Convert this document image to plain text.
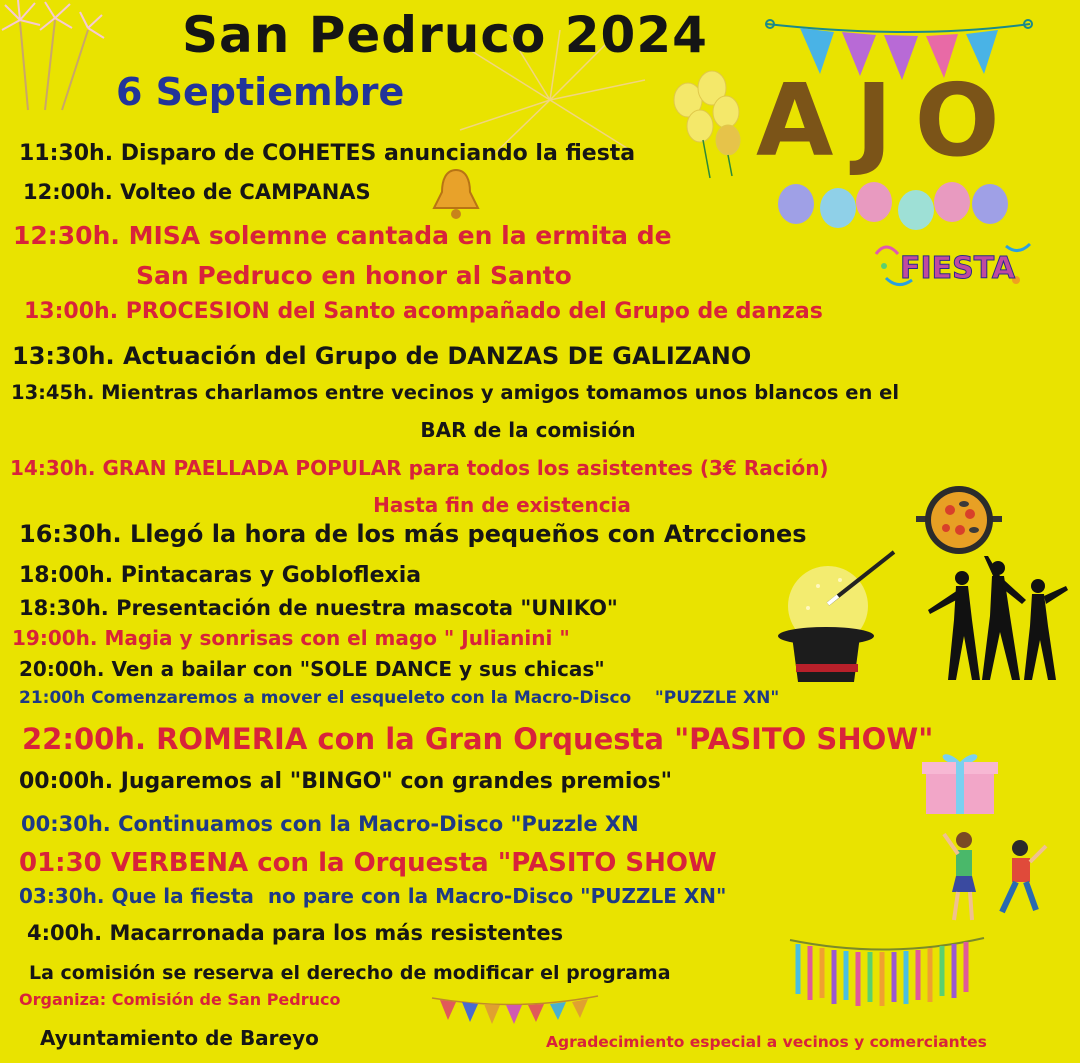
San Pedruco 2024
6 Septiembre	AJO
FIESTA
11:30h. Disparo de COHETES anunciando la fiesta
12:00h. Volteo de CAMPANAS
12:30h. MISA solemne cantada en la ermita de
San Pedruco en honor al Santo
13:00h. PROCESION del Santo acompañado del Grupo de danzas
13:30h. Actuación del Grupo de DANZAS DE GALIZANO
13:45h. Mientras charlamos entre vecinos y amigos tomamos unos blancos en el
BAR de la comisión
14:30h. GRAN PAELLADA POPULAR para todos los asistentes (3€ Ración)
Hasta fin de existencia
16:30h. Llegó la hora de los más pequeños con Atrcciones
18:00h. Pintacaras y Gobloflexia
18:30h. Presentación de nuestra mascota "UNIKO"
19:00h. Magia y sonrisas con el mago " Julianini "
20:00h. Ven a bailar con "SOLE DANCE y sus chicas"
21:00h Comenzaremos a mover el esqueleto con la Macro-Disco    "PUZZLE XN"
22:00h. ROMERIA con la Gran Orquesta "PASITO SHOW"
00:00h. Jugaremos al "BINGO" con grandes premios"
00:30h. Continuamos con la Macro-Disco "Puzzle XN
01:30 VERBENA con la Orquesta "PASITO SHOW
03:30h. Que la fiesta  no pare con la Macro-Disco "PUZZLE XN"
4:00h. Macarronada para los más resistentes
La comisión se reserva el derecho de modificar el programa
Organiza: Comisión de San Pedruco
Ayuntamiento de Bareyo	Agradecimiento especial a vecinos y comerciantes
